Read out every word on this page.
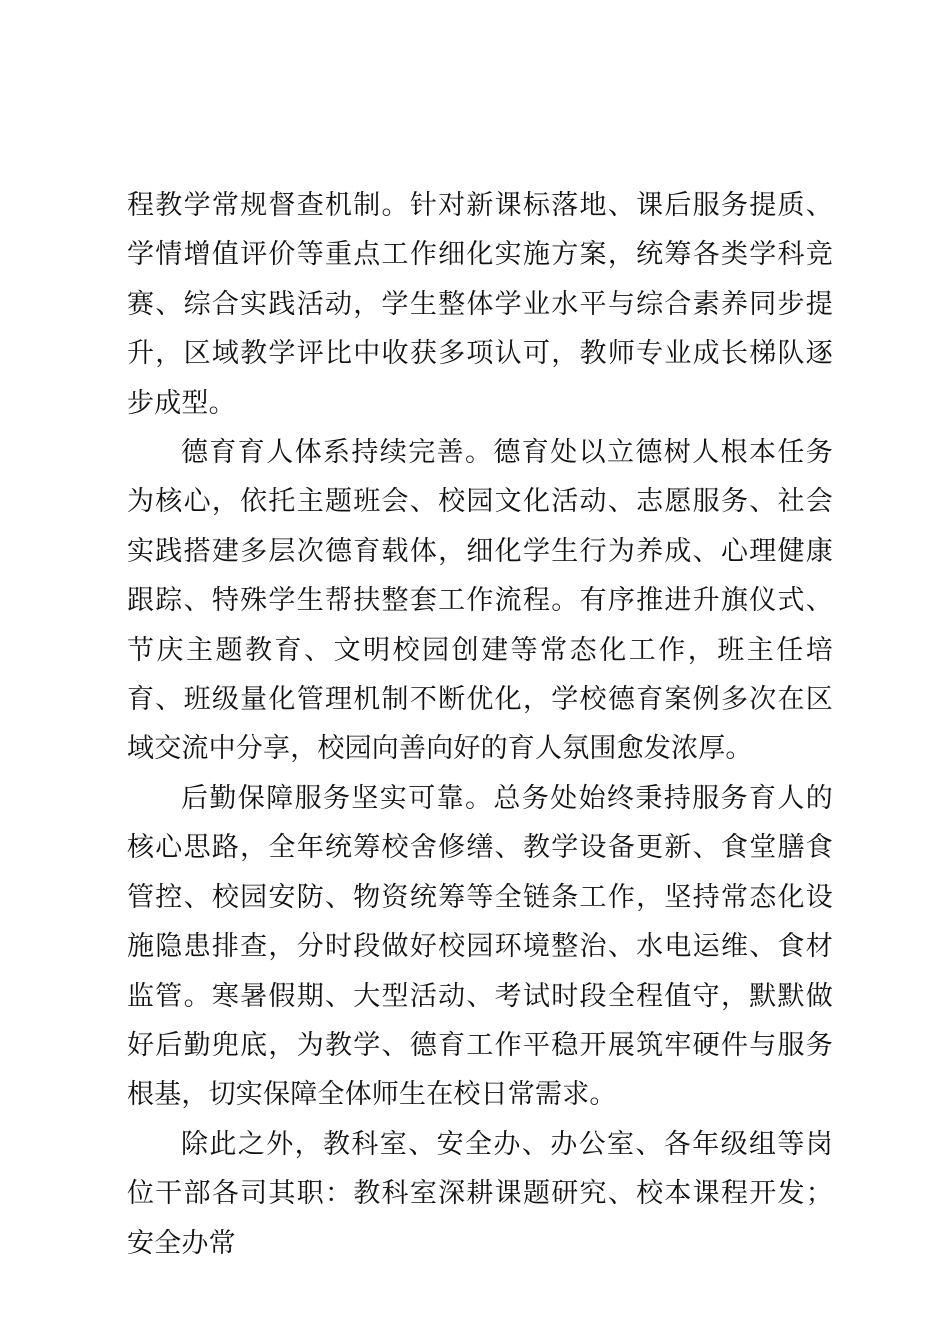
程教学常规督查机制。针对新课标落地、课后服务提质、学情增值评价等重点工作细化实施方案，统筹各类学科竞赛、综合实践活动，学生整体学业水平与综合素养同步提升，区域教学评比中收获多项认可，教师专业成长梯队逐步成型。

德育育人体系持续完善。德育处以立德树人根本任务为核心，依托主题班会、校园文化活动、志愿服务、社会实践搭建多层次德育载体，细化学生行为养成、心理健康跟踪、特殊学生帮扶整套工作流程。有序推进升旗仪式、节庆主题教育、文明校园创建等常态化工作，班主任培育、班级量化管理机制不断优化，学校德育案例多次在区域交流中分享，校园向善向好的育人氛围愈发浓厚。

后勤保障服务坚实可靠。总务处始终秉持服务育人的核心思路，全年统筹校舍修缮、教学设备更新、食堂膳食管控、校园安防、物资统筹等全链条工作，坚持常态化设施隐患排查，分时段做好校园环境整治、水电运维、食材监管。寒暑假期、大型活动、考试时段全程值守，默默做好后勤兜底，为教学、德育工作平稳开展筑牢硬件与服务根基，切实保障全体师生在校日常需求。

除此之外，教科室、安全办、办公室、各年级组等岗位干部各司其职：教科室深耕课题研究、校本课程开发；安全办常
